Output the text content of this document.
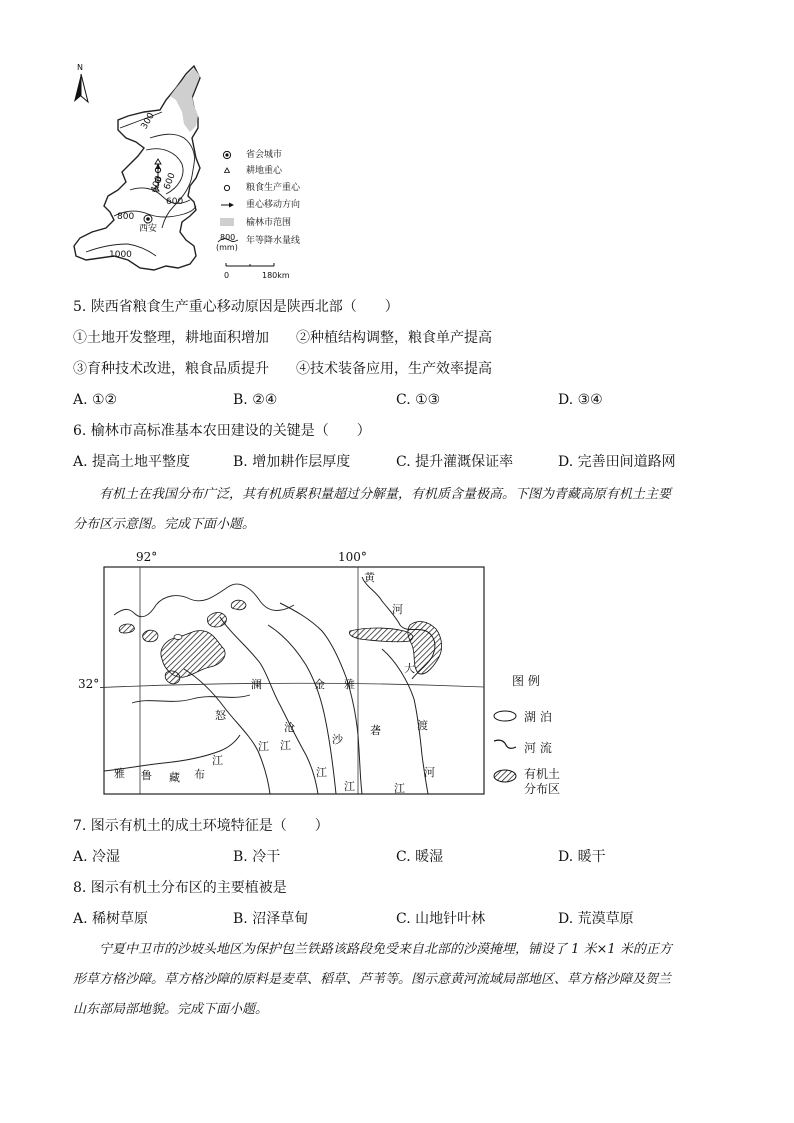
N
300
400
600
600
800
1000
西安
省会城市
耕地重心
粮食生产重心
重心移动方向
榆林市范围
800
(mm)
年等降水量线
0	180km
5. 陕西省粮食生产重心移动原因是陕西北部（　　）
①土地开发整理，耕地面积增加 ②种植结构调整，粮食单产提高
③育种技术改进，粮食品质提升 ④技术装备应用，生产效率提高
A. ①②	B. ②④	C. ①③	D. ③④
6. 榆林市高标准基本农田建设的关键是（　　）
A. 提高土地平整度	B. 增加耕作层厚度	C. 提升灌溉保证率	D. 完善田间道路网
有机土在我国分布广泛，其有机质累积量超过分解量，有机质含量极高。下图为青藏高原有机土主要
分布区示意图。完成下面小题。
92°	100°
32°
黄
河
大
渡
河
澜
沧
江
金
沙
江
雅
砻
江
怒
江
雅 鲁 藏 布
江
江
图 例
湖 泊
河 流
有机土
分布区
7. 图示有机土的成土环境特征是（　　）
A. 冷湿	B. 冷干	C. 暖湿	D. 暖干
8. 图示有机土分布区的主要植被是
A. 稀树草原	B. 沼泽草甸	C. 山地针叶林	D. 荒漠草原
宁夏中卫市的沙坡头地区为保护包兰铁路该路段免受来自北部的沙漠掩埋，铺设了 1 米×1 米的正方
形草方格沙障。草方格沙障的原料是麦草、稻草、芦苇等。图示意黄河流域局部地区、草方格沙障及贺兰
山东部局部地貌。完成下面小题。
